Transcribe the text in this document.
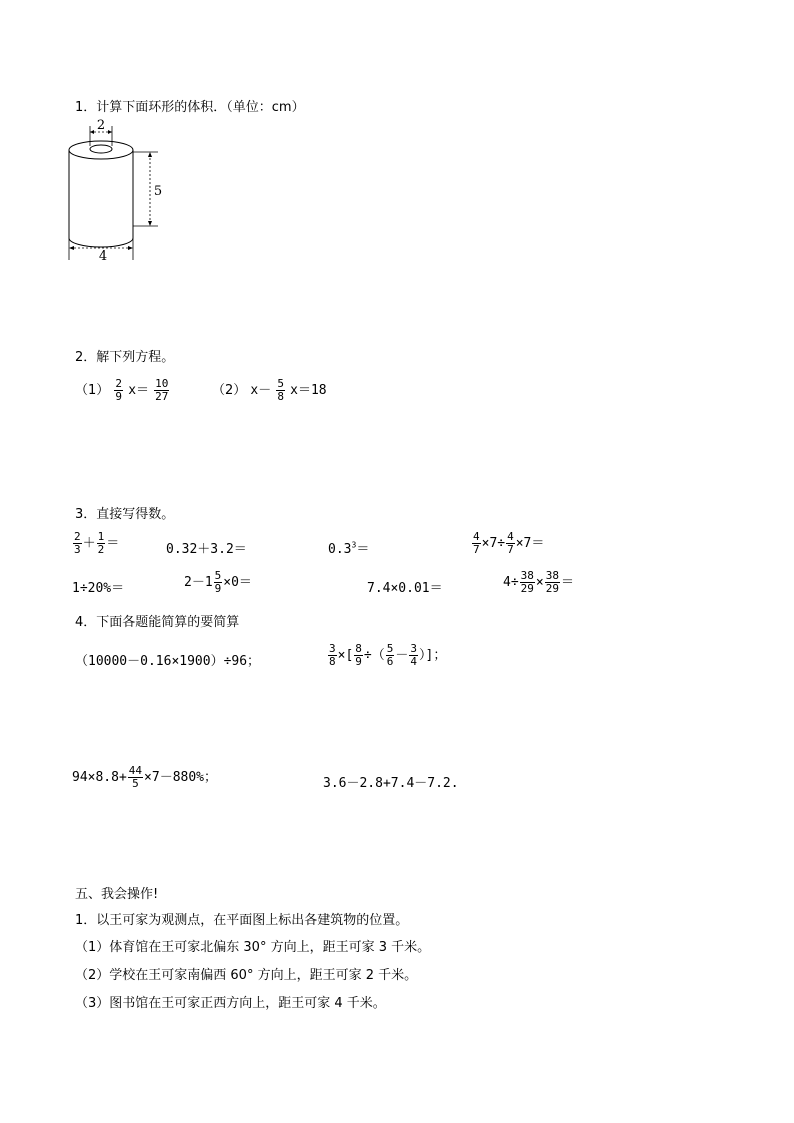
1．计算下面环形的体积．（单位：cm）
2
5
4
2．解下列方程。
$(1) \frac{2}{9} x= \frac{10}{27}$	（2） $x- \frac{5}{8} x=18$
3．直接写得数。
$\frac{2}{3} + \frac{1}{2}$ ＝	0.32＋3.2＝	$0.3^3=$	$\frac{4}{7} \times 7\div \frac{4}{7} \times 7=$
1÷20%＝	$2-1 \frac{5}{9} \times 0=$	7.4×0.01＝	$4\div \frac{38}{29} \times \frac{38}{29}$ ＝
4．下面各题能简算的要简算
（10000－0.16×1900）÷96；	$\frac{3}{8}$ ×[ $\frac{8}{9}$ ÷（ $\frac{5}{6} - \frac{3}{4}$ ）]；
$94\times 8.8+ \frac{44}{5} \times 7-880\%$；	3.6－2.8+7.4－7.2.
五、我会操作!
1．以王可家为观测点，在平面图上标出各建筑物的位置。
（1）体育馆在王可家北偏东 30° 方向上，距王可家 3 千米。
（2）学校在王可家南偏西 60° 方向上，距王可家 2 千米。
（3）图书馆在王可家正西方向上，距王可家 4 千米。
